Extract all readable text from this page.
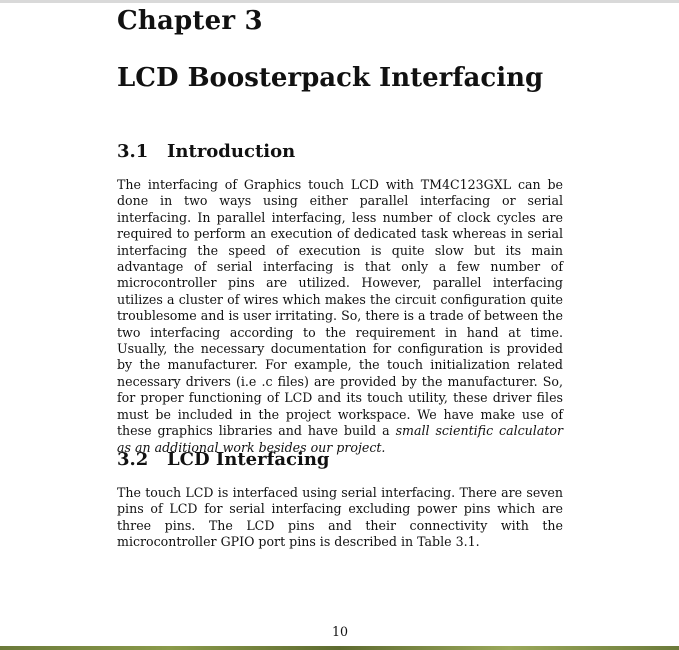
Chapter 3
LCD Boosterpack Interfacing
3.1 Introduction

The interfacing of Graphics touch LCD with TM4C123GXL can be done in two ways using either parallel interfacing or serial interfacing. In parallel interfacing, less number of clock cycles are required to perform an execution of dedicated task whereas in serial interfacing the speed of execution is quite slow but its main advantage of serial interfacing is that only a few number of microcontroller pins are utilized. However, parallel interfacing utilizes a cluster of wires which makes the circuit configuration quite troublesome and is user irritating. So, there is a trade of between the two interfacing according to the requirement in hand at time. Usually, the necessary documentation for configuration is provided by the manufacturer. For example, the touch initialization related necessary drivers (i.e .c files) are provided by the manufacturer. So, for proper functioning of LCD and its touch utility, these driver files must be included in the project workspace. We have make use of these graphics libraries and have build a small scientific calculator as an additional work besides our project.

3.2 LCD Interfacing

The touch LCD is interfaced using serial interfacing. There are seven pins of LCD for serial interfacing excluding power pins which are three pins. The LCD pins and their connectivity with the microcontroller GPIO port pins is described in Table 3.1.

10
